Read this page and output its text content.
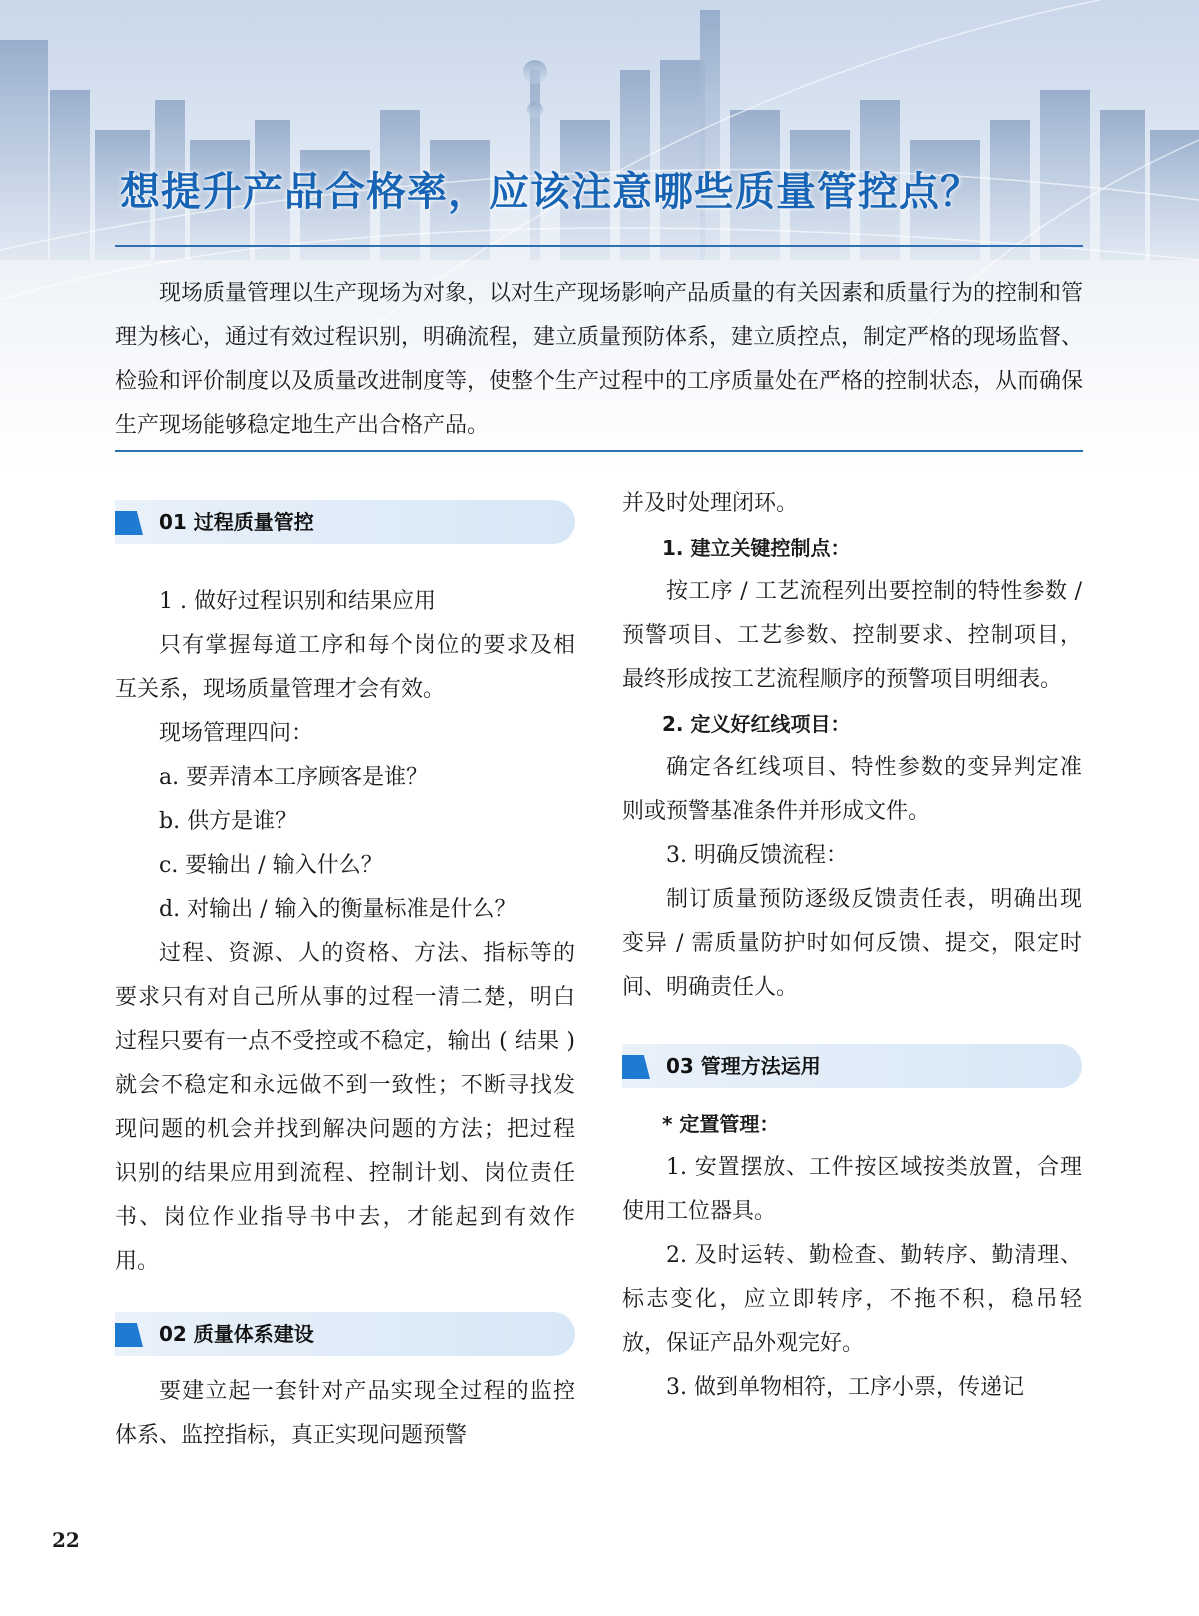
想提升产品合格率，应该注意哪些质量管控点？

现场质量管理以生产现场为对象，以对生产现场影响产品质量的有关因素和质量行为的控制和管理为核心，通过有效过程识别，明确流程，建立质量预防体系，建立质控点，制定严格的现场监督、检验和评价制度以及质量改进制度等，使整个生产过程中的工序质量处在严格的控制状态，从而确保生产现场能够稳定地生产出合格产品。

01 过程质量管控

1 . 做好过程识别和结果应用

只有掌握每道工序和每个岗位的要求及相互关系，现场质量管理才会有效。

现场管理四问：

a. 要弄清本工序顾客是谁？

b. 供方是谁？

c. 要输出 / 输入什么？

d. 对输出 / 输入的衡量标准是什么？

过程、资源、人的资格、方法、指标等的要求只有对自己所从事的过程一清二楚，明白过程只要有一点不受控或不稳定，输出 ( 结果 ) 就会不稳定和永远做不到一致性；不断寻找发现问题的机会并找到解决问题的方法；把过程识别的结果应用到流程、控制计划、岗位责任书、岗位作业指导书中去，才能起到有效作用。

02 质量体系建设

要建立起一套针对产品实现全过程的监控体系、监控指标，真正实现问题预警

并及时处理闭环。

1. 建立关键控制点：

按工序 / 工艺流程列出要控制的特性参数 / 预警项目、工艺参数、控制要求、控制项目，最终形成按工艺流程顺序的预警项目明细表。

2. 定义好红线项目：

确定各红线项目、特性参数的变异判定准则或预警基准条件并形成文件。

3. 明确反馈流程：

制订质量预防逐级反馈责任表，明确出现变异 / 需质量防护时如何反馈、提交，限定时间、明确责任人。

03 管理方法运用

* 定置管理：

1. 安置摆放、工件按区域按类放置，合理使用工位器具。

2. 及时运转、勤检查、勤转序、勤清理、标志变化，应立即转序，不拖不积，稳吊轻放，保证产品外观完好。

3. 做到单物相符，工序小票，传递记

22
